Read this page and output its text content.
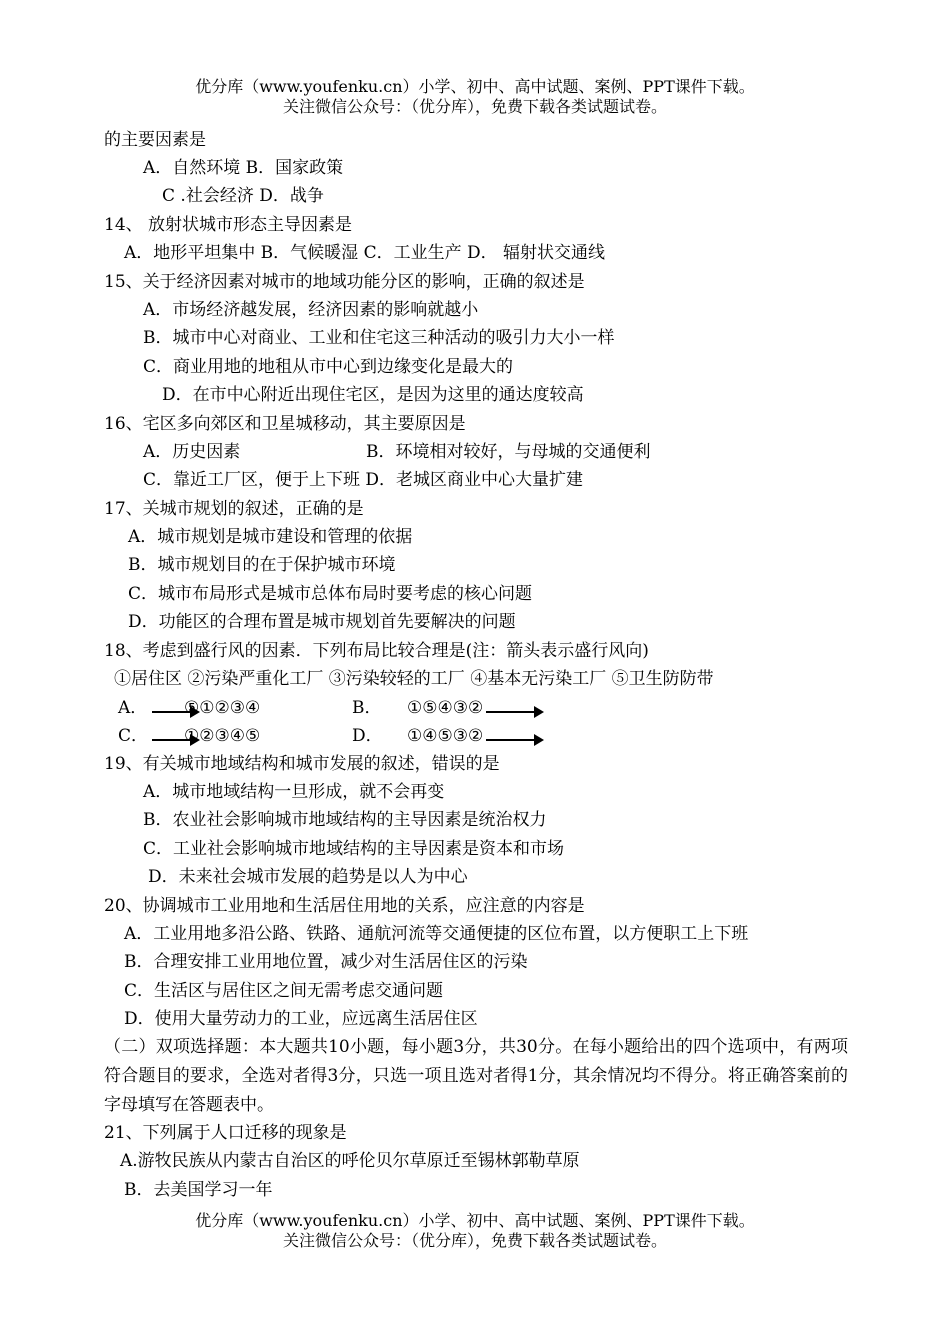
优分库（www.youfenku.cn）小学、初中、高中试题、案例、PPT课件下载。
关注微信公众号：（优分库），免费下载各类试题试卷。
的主要因素是
A．自然环境 B．国家政策
C .社会经济 D．战争
14、 放射状城市形态主导因素是
A．地形平坦集中 B．气候暖湿 C．工业生产 D． 辐射状交通线
15、关于经济因素对城市的地域功能分区的影响，正确的叙述是
A．市场经济越发展，经济因素的影响就越小
B．城市中心对商业、工业和住宅这三种活动的吸引力大小一样
C．商业用地的地租从市中心到边缘变化是最大的
D．在市中心附近出现住宅区，是因为这里的通达度较高
16、宅区多向郊区和卫星城移动，其主要原因是
A．历史因素	B．环境相对较好，与母城的交通便利
C．靠近工厂区，便于上下班 D．老城区商业中心大量扩建
17、关城市规划的叙述，正确的是
A．城市规划是城市建设和管理的依据
B．城市规划目的在于保护城市环境
C．城市布局形式是城市总体布局时要考虑的核心问题
D．功能区的合理布置是城市规划首先要解决的问题
18、考虑到盛行风的因素．下列布局比较合理是(注：箭头表示盛行风向)
①居住区 ②污染严重化工厂 ③污染较轻的工厂 ④基本无污染工厂 ⑤卫生防防带
A． ⑤①②③④	B． ①⑤④③②
C． ①②③④⑤	D． ①④⑤③②
19、有关城市地域结构和城市发展的叙述，错误的是
A．城市地域结构一旦形成，就不会再变
B．农业社会影响城市地域结构的主导因素是统治权力
C．工业社会影响城市地域结构的主导因素是资本和市场
D．未来社会城市发展的趋势是以人为中心
20、协调城市工业用地和生活居住用地的关系，应注意的内容是
A．工业用地多沿公路、铁路、通航河流等交通便捷的区位布置，以方便职工上下班
B．合理安排工业用地位置，减少对生活居住区的污染
C．生活区与居住区之间无需考虑交通问题
D．使用大量劳动力的工业，应远离生活居住区
（二）双项选择题：本大题共10小题，每小题3分，共30分。在每小题给出的四个选项中，有两项符合题目的要求，全选对者得3分，只选一项且选对者得1分，其余情况均不得分。将正确答案前的字母填写在答题表中。
21、下列属于人口迁移的现象是
A.游牧民族从内蒙古自治区的呼伦贝尔草原迁至锡林郭勒草原
B．去美国学习一年
优分库（www.youfenku.cn）小学、初中、高中试题、案例、PPT课件下载。
关注微信公众号：（优分库），免费下载各类试题试卷。
